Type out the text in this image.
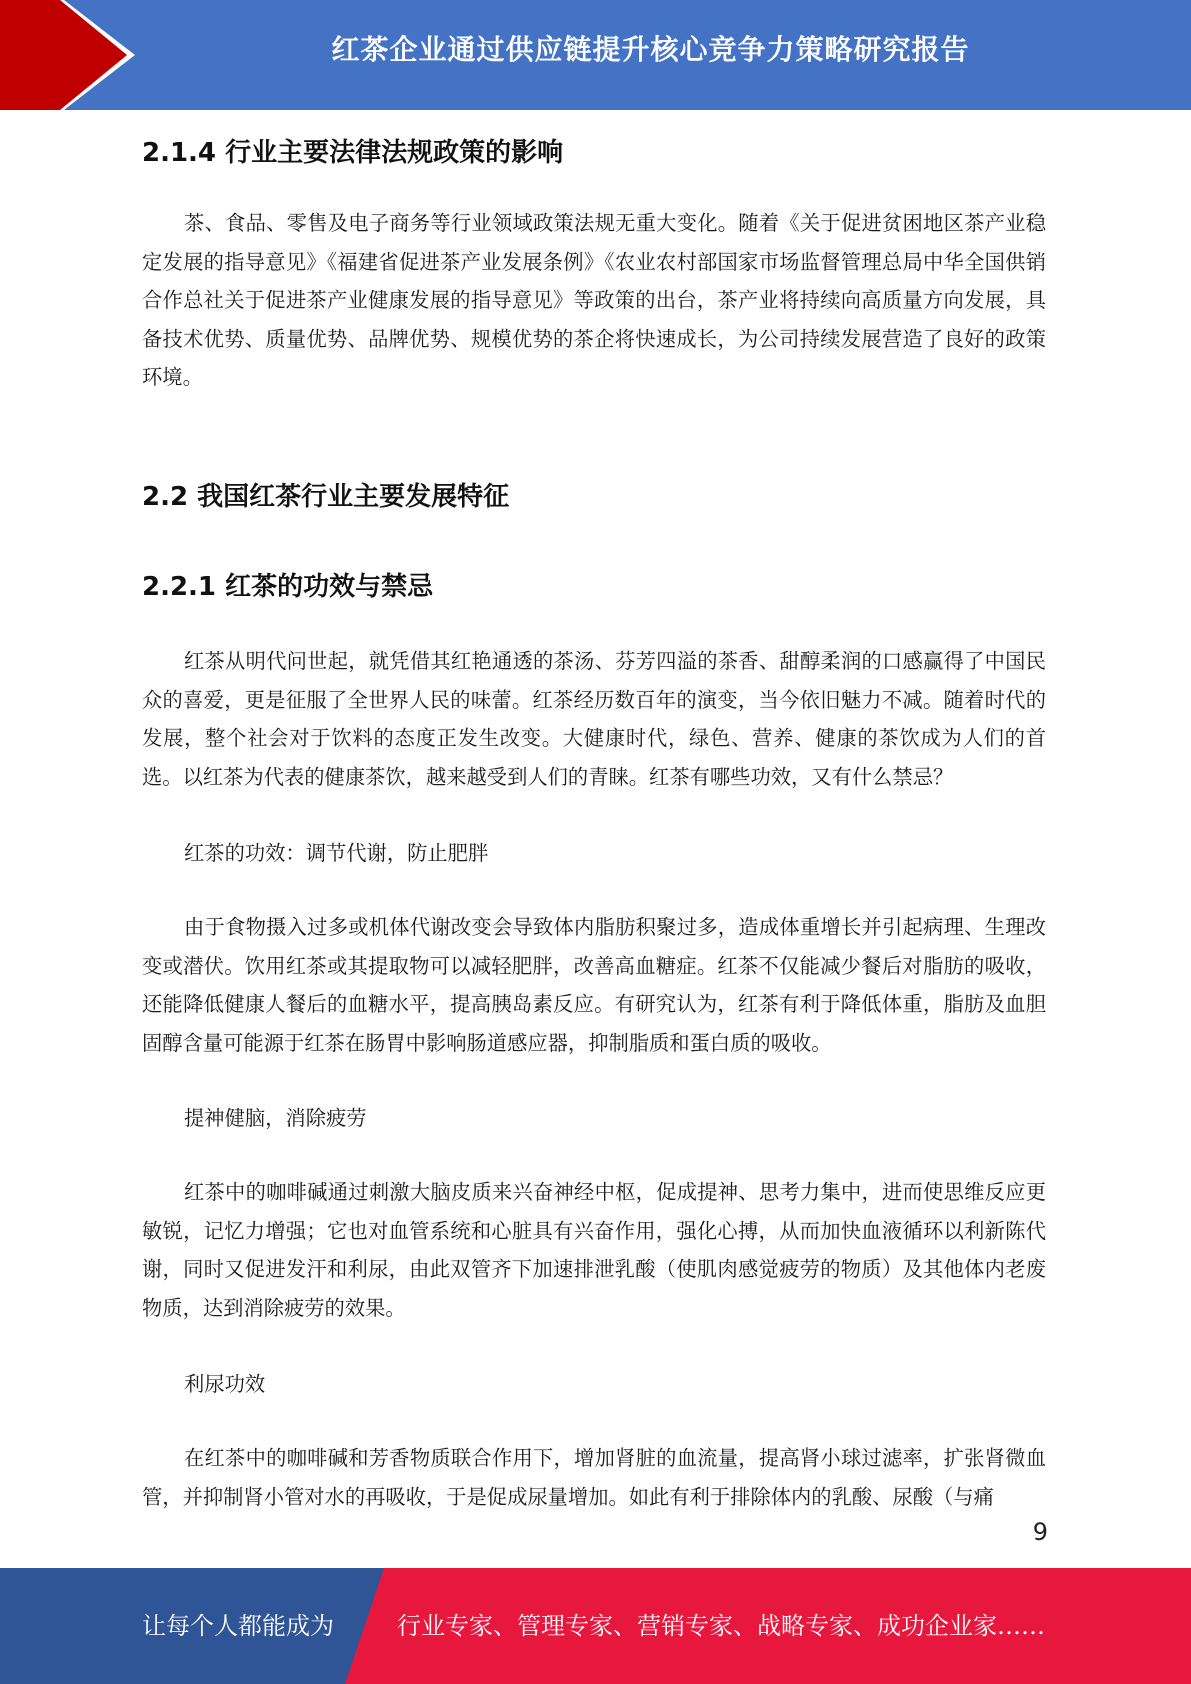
红茶企业通过供应链提升核心竞争力策略研究报告
2.1.4 行业主要法律法规政策的影响

茶、食品、零售及电子商务等行业领域政策法规无重大变化。随着《关于促进贫困地区茶产业稳定发展的指导意见》《福建省促进茶产业发展条例》《农业农村部国家市场监督管理总局中华全国供销合作总社关于促进茶产业健康发展的指导意见》等政策的出台，茶产业将持续向高质量方向发展，具备技术优势、质量优势、品牌优势、规模优势的茶企将快速成长，为公司持续发展营造了良好的政策环境。

2.2 我国红茶行业主要发展特征
2.2.1 红茶的功效与禁忌

红茶从明代问世起，就凭借其红艳通透的茶汤、芬芳四溢的茶香、甜醇柔润的口感赢得了中国民众的喜爱，更是征服了全世界人民的味蕾。红茶经历数百年的演变，当今依旧魅力不减。随着时代的发展，整个社会对于饮料的态度正发生改变。大健康时代，绿色、营养、健康的茶饮成为人们的首选。以红茶为代表的健康茶饮，越来越受到人们的青睐。红茶有哪些功效，又有什么禁忌？

红茶的功效：调节代谢，防止肥胖

由于食物摄入过多或机体代谢改变会导致体内脂肪积聚过多，造成体重增长并引起病理、生理改变或潜伏。饮用红茶或其提取物可以减轻肥胖，改善高血糖症。红茶不仅能减少餐后对脂肪的吸收，还能降低健康人餐后的血糖水平，提高胰岛素反应。有研究认为，红茶有利于降低体重，脂肪及血胆固醇含量可能源于红茶在肠胃中影响肠道感应器，抑制脂质和蛋白质的吸收。

提神健脑，消除疲劳

红茶中的咖啡碱通过刺激大脑皮质来兴奋神经中枢，促成提神、思考力集中，进而使思维反应更敏锐，记忆力增强；它也对血管系统和心脏具有兴奋作用，强化心搏，从而加快血液循环以利新陈代谢，同时又促进发汗和利尿，由此双管齐下加速排泄乳酸（使肌肉感觉疲劳的物质）及其他体内老废物质，达到消除疲劳的效果。

利尿功效

在红茶中的咖啡碱和芳香物质联合作用下，增加肾脏的血流量，提高肾小球过滤率，扩张肾微血管，并抑制肾小管对水的再吸收，于是促成尿量增加。如此有利于排除体内的乳酸、尿酸（与痛

9
让每个人都能成为	行业专家、管理专家、营销专家、战略专家、成功企业家……
